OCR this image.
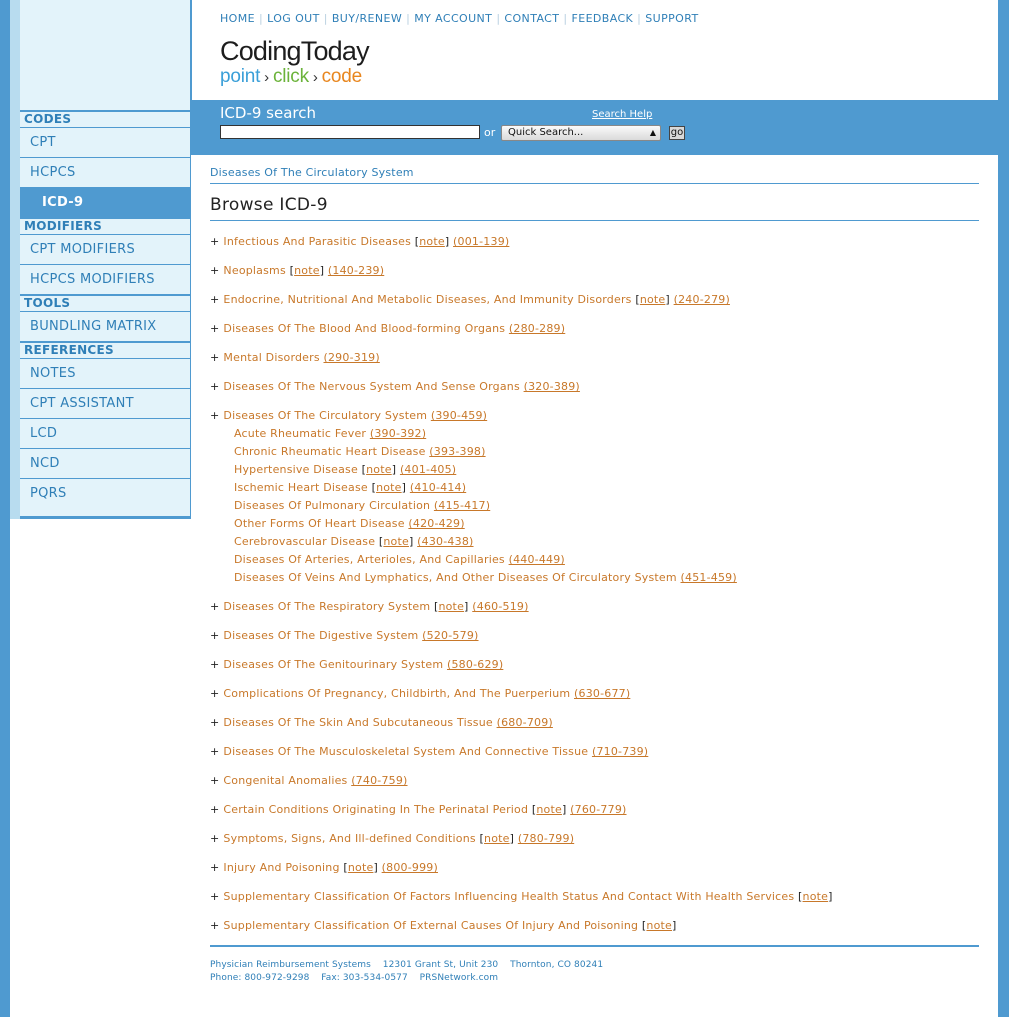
CODES
CPT
HCPCS
ICD-9
MODIFIERS
CPT MODIFIERS
HCPCS MODIFIERS
TOOLS
BUNDLING MATRIX
REFERENCES
NOTES
CPT ASSISTANT
LCD
NCD
PQRS
HOME | LOG OUT | BUY/RENEW | MY ACCOUNT | CONTACT | FEEDBACK | SUPPORT
CodingToday
point › click › code
ICD-9 search	Search Help
or	Quick Search...	▲ go
Diseases Of The Circulatory System
Browse ICD-9
+ Infectious And Parasitic Diseases [note] (001-139)
+ Neoplasms [note] (140-239)
+ Endocrine, Nutritional And Metabolic Diseases, And Immunity Disorders [note] (240-279)
+ Diseases Of The Blood And Blood-forming Organs (280-289)
+ Mental Disorders (290-319)
+ Diseases Of The Nervous System And Sense Organs (320-389)
+ Diseases Of The Circulatory System (390-459)
Acute Rheumatic Fever (390-392)
Chronic Rheumatic Heart Disease (393-398)
Hypertensive Disease [note] (401-405)
Ischemic Heart Disease [note] (410-414)
Diseases Of Pulmonary Circulation (415-417)
Other Forms Of Heart Disease (420-429)
Cerebrovascular Disease [note] (430-438)
Diseases Of Arteries, Arterioles, And Capillaries (440-449)
Diseases Of Veins And Lymphatics, And Other Diseases Of Circulatory System (451-459)
+ Diseases Of The Respiratory System [note] (460-519)
+ Diseases Of The Digestive System (520-579)
+ Diseases Of The Genitourinary System (580-629)
+ Complications Of Pregnancy, Childbirth, And The Puerperium (630-677)
+ Diseases Of The Skin And Subcutaneous Tissue (680-709)
+ Diseases Of The Musculoskeletal System And Connective Tissue (710-739)
+ Congenital Anomalies (740-759)
+ Certain Conditions Originating In The Perinatal Period [note] (760-779)
+ Symptoms, Signs, And Ill-defined Conditions [note] (780-799)
+ Injury And Poisoning [note] (800-999)
+ Supplementary Classification Of Factors Influencing Health Status And Contact With Health Services [note]
+ Supplementary Classification Of External Causes Of Injury And Poisoning [note]
Physician Reimbursement Systems    12301 Grant St, Unit 230    Thornton, CO 80241
Phone: 800-972-9298    Fax: 303-534-0577    PRSNetwork.com
